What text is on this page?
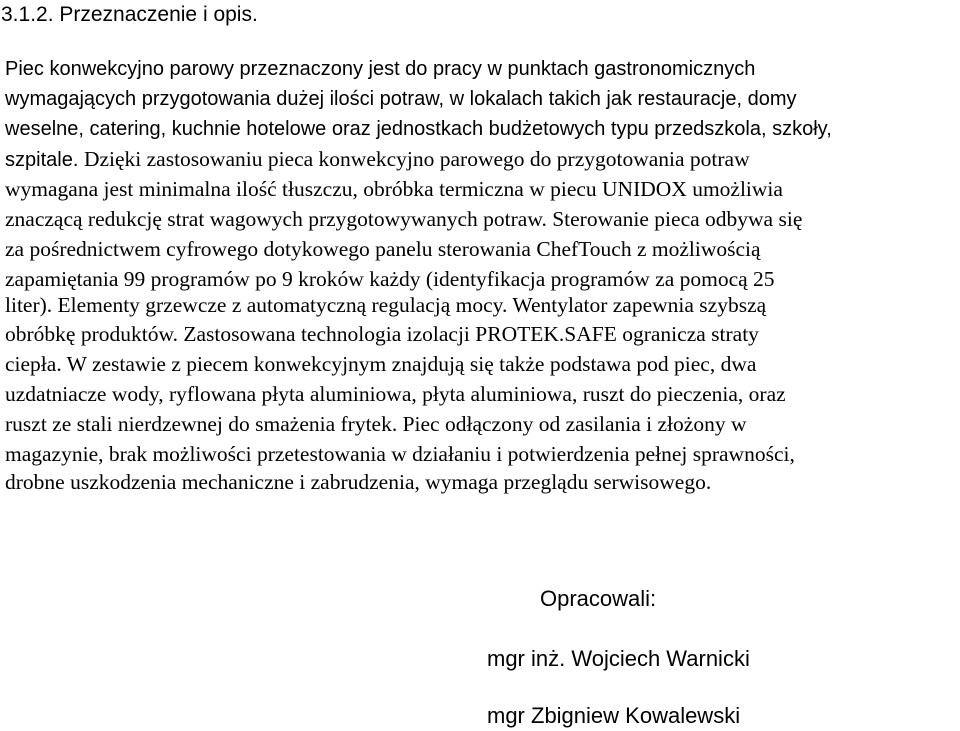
3.1.2. Przeznaczenie i opis.

Piec konwekcyjno parowy przeznaczony jest do pracy w punktach gastronomicznych

wymagających przygotowania dużej ilości potraw, w lokalach takich jak restauracje, domy

weselne, catering, kuchnie hotelowe oraz jednostkach budżetowych typu przedszkola, szkoły,

szpitale. Dzięki zastosowaniu pieca konwekcyjno parowego do przygotowania potraw

wymagana jest minimalna ilość tłuszczu, obróbka termiczna w piecu UNIDOX umożliwia

znaczącą redukcję strat wagowych przygotowywanych potraw. Sterowanie pieca odbywa się

za pośrednictwem cyfrowego dotykowego panelu sterowania ChefTouch z możliwością

zapamiętania 99 programów po 9 kroków każdy (identyfikacja programów za pomocą 25

liter). Elementy grzewcze z automatyczną regulacją mocy. Wentylator zapewnia szybszą

obróbkę produktów. Zastosowana technologia izolacji PROTEK.SAFE ogranicza straty

ciepła. W zestawie z piecem konwekcyjnym znajdują się także podstawa pod piec, dwa

uzdatniacze wody, ryflowana płyta aluminiowa, płyta aluminiowa, ruszt do pieczenia, oraz

ruszt ze stali nierdzewnej do smażenia frytek. Piec odłączony od zasilania i złożony w

magazynie, brak możliwości przetestowania w działaniu i potwierdzenia pełnej sprawności,

drobne uszkodzenia mechaniczne i zabrudzenia, wymaga przeglądu serwisowego.

Opracowali:

mgr inż. Wojciech Warnicki

mgr Zbigniew Kowalewski
